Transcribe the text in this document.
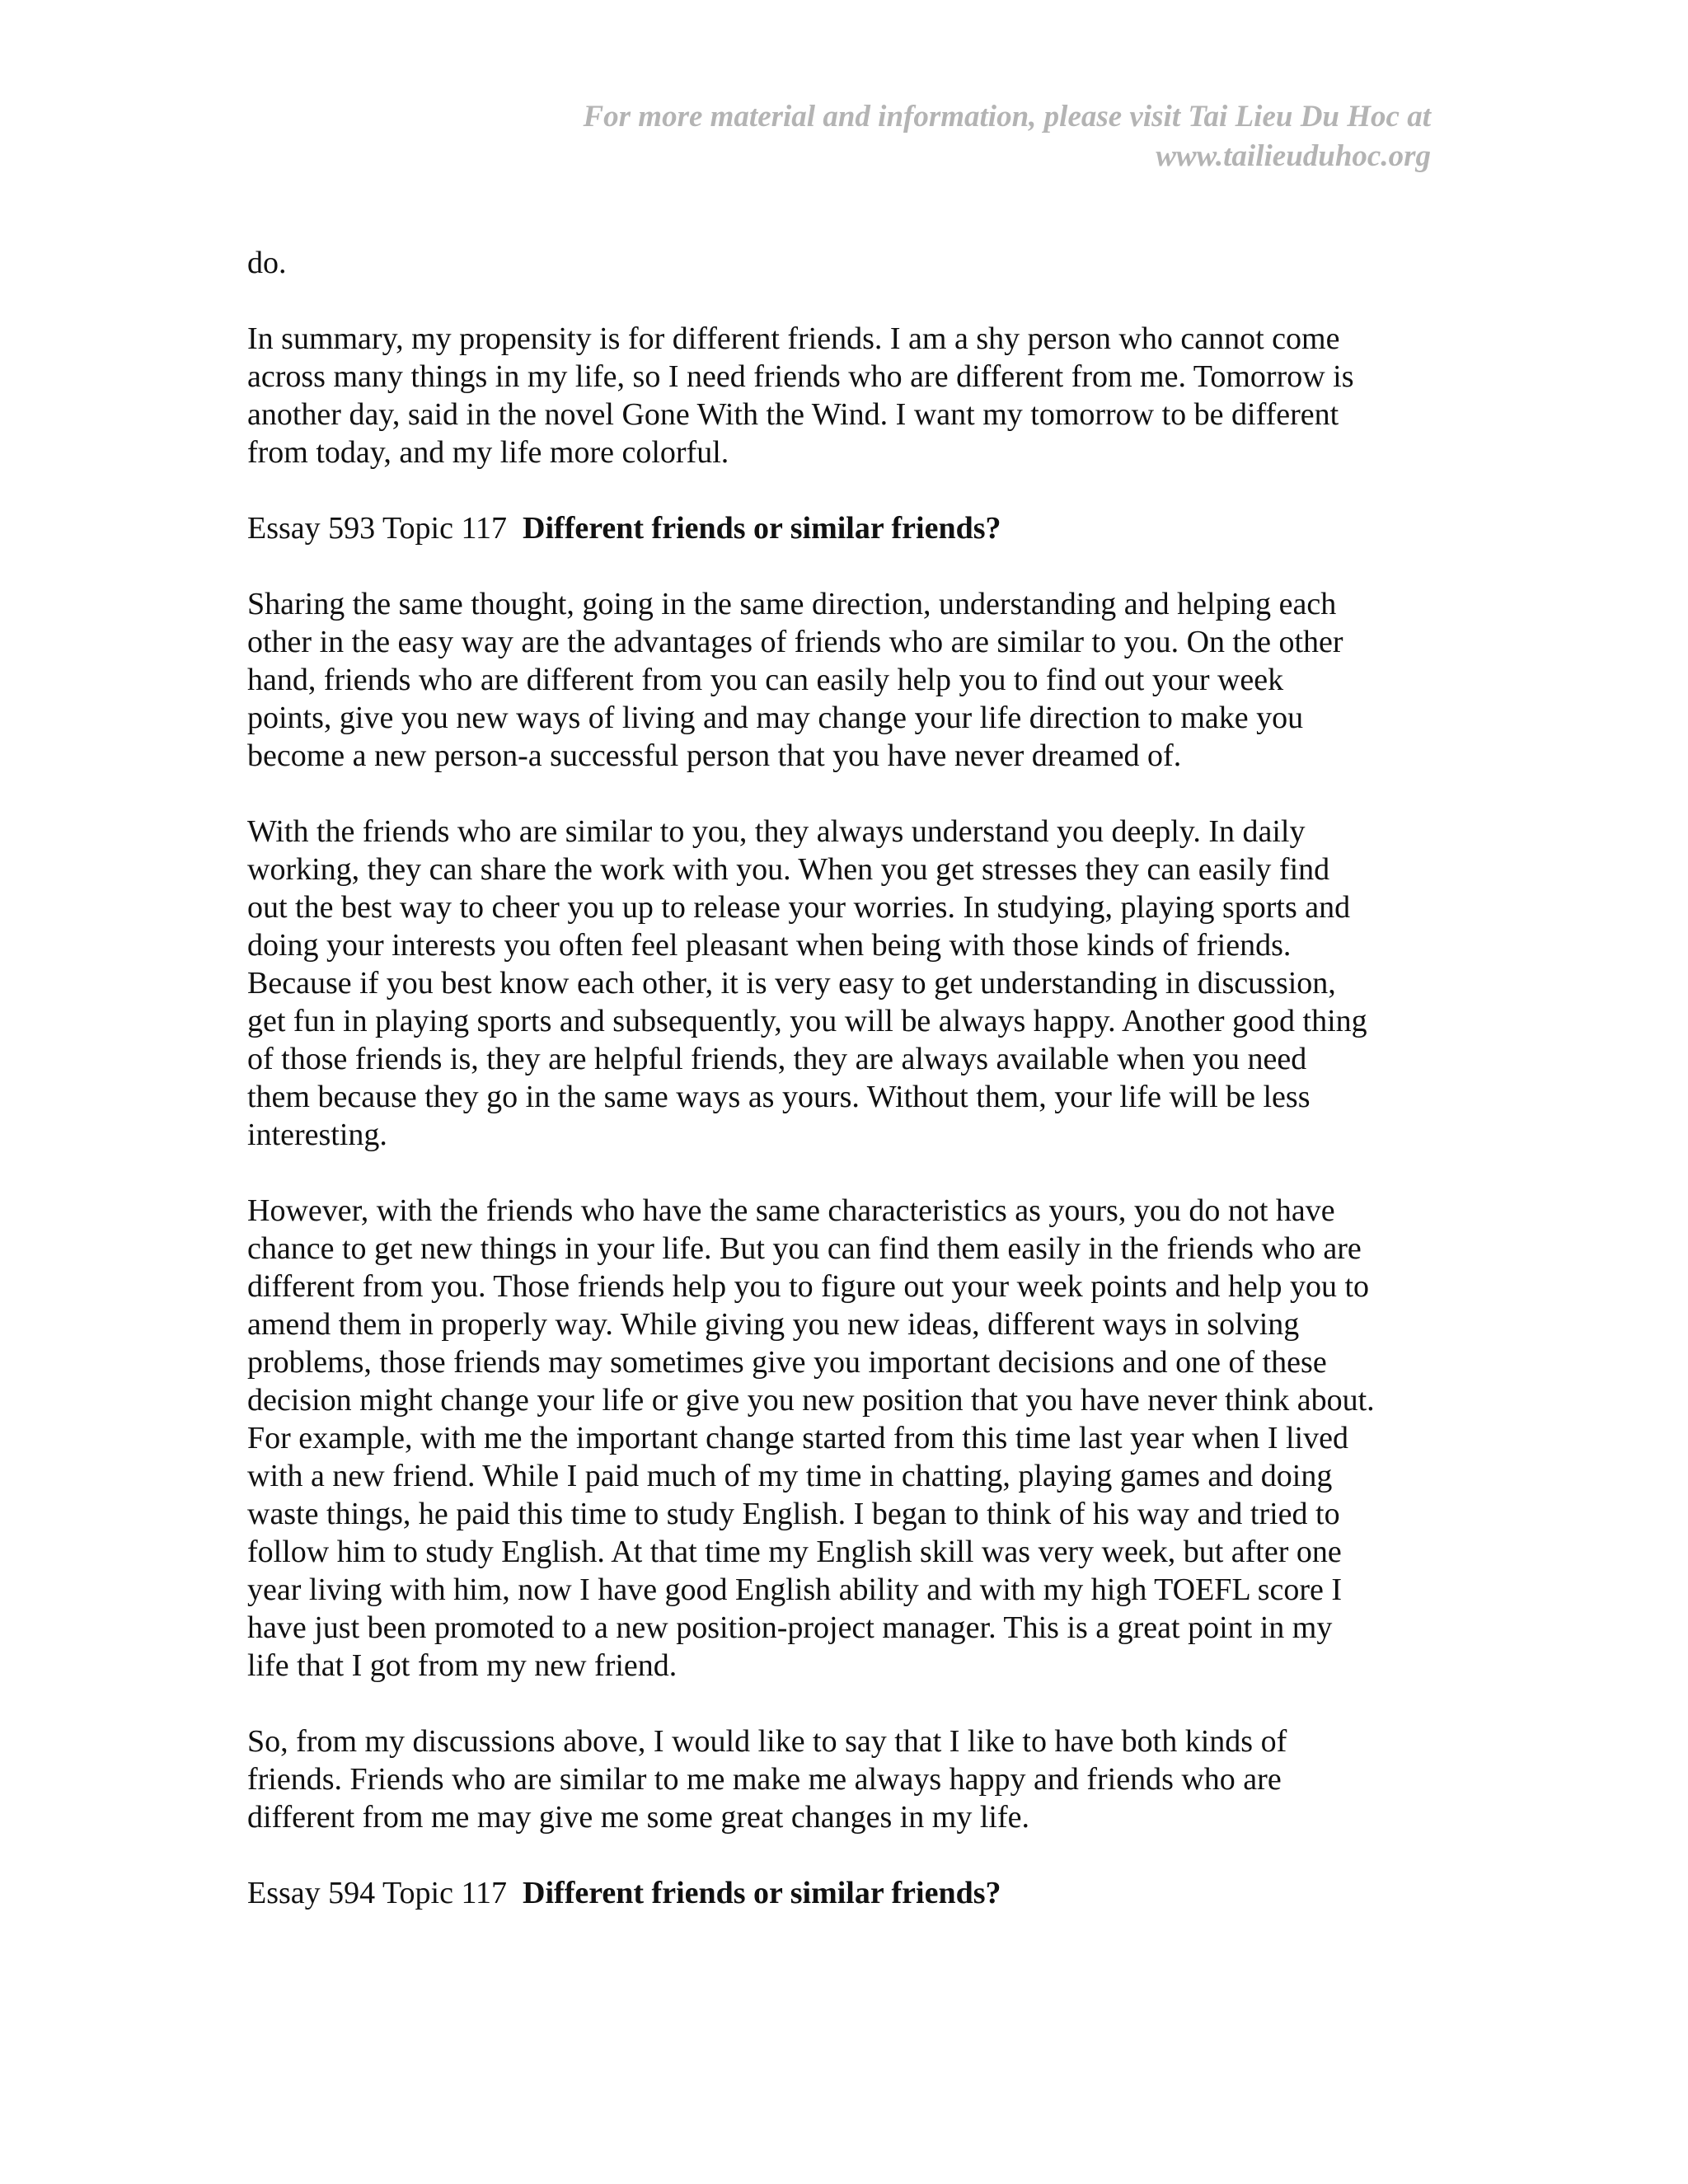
For more material and information, please visit Tai Lieu Du Hoc at
www.tailieuduhoc.org
do.
In summary, my propensity is for different friends. I am a shy person who cannot come
across many things in my life, so I need friends who are different from me. Tomorrow is
another day, said in the novel Gone With the Wind. I want my tomorrow to be different
from today, and my life more colorful.
Essay 593 Topic 117 Different friends or similar friends?
Sharing the same thought, going in the same direction, understanding and helping each
other in the easy way are the advantages of friends who are similar to you. On the other
hand, friends who are different from you can easily help you to find out your week
points, give you new ways of living and may change your life direction to make you
become a new person-a successful person that you have never dreamed of.
With the friends who are similar to you, they always understand you deeply. In daily
working, they can share the work with you. When you get stresses they can easily find
out the best way to cheer you up to release your worries. In studying, playing sports and
doing your interests you often feel pleasant when being with those kinds of friends.
Because if you best know each other, it is very easy to get understanding in discussion,
get fun in playing sports and subsequently, you will be always happy. Another good thing
of those friends is, they are helpful friends, they are always available when you need
them because they go in the same ways as yours. Without them, your life will be less
interesting.
However, with the friends who have the same characteristics as yours, you do not have
chance to get new things in your life. But you can find them easily in the friends who are
different from you. Those friends help you to figure out your week points and help you to
amend them in properly way. While giving you new ideas, different ways in solving
problems, those friends may sometimes give you important decisions and one of these
decision might change your life or give you new position that you have never think about.
For example, with me the important change started from this time last year when I lived
with a new friend. While I paid much of my time in chatting, playing games and doing
waste things, he paid this time to study English. I began to think of his way and tried to
follow him to study English. At that time my English skill was very week, but after one
year living with him, now I have good English ability and with my high TOEFL score I
have just been promoted to a new position-project manager. This is a great point in my
life that I got from my new friend.
So, from my discussions above, I would like to say that I like to have both kinds of
friends. Friends who are similar to me make me always happy and friends who are
different from me may give me some great changes in my life.
Essay 594 Topic 117 Different friends or similar friends?
